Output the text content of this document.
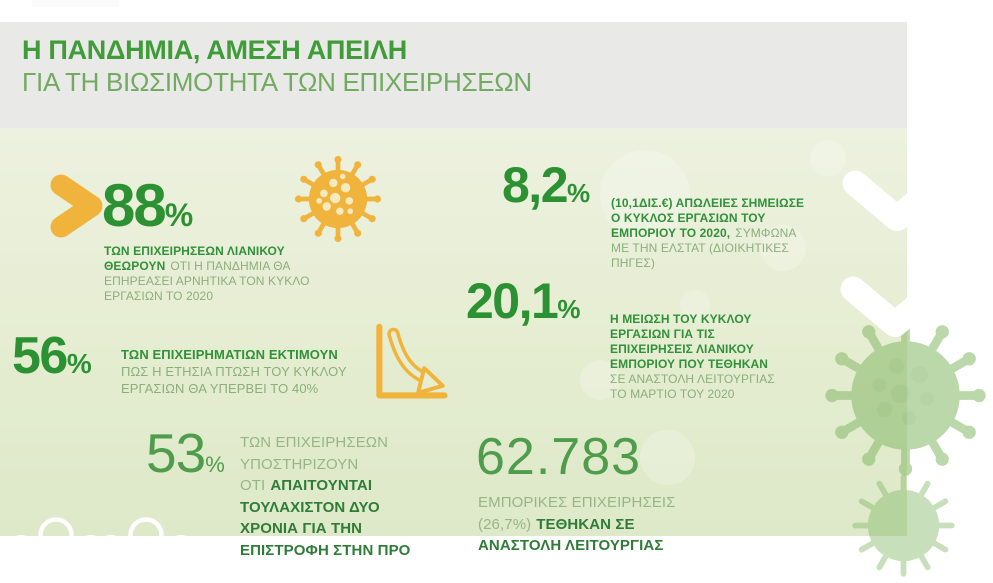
Η ΠΑΝΔΗΜΙΑ, ΑΜΕΣΗ ΑΠΕΙΛΗ
ΓΙΑ ΤΗ ΒΙΩΣΙΜΟΤΗΤΑ ΤΩΝ ΕΠΙΧΕΙΡΗΣΕΩΝ
88%
ΤΩΝ ΕΠΙΧΕΙΡΗΣΕΩΝ ΛΙΑΝΙΚΟΥ
ΘΕΩΡΟΥΝ ΟΤΙ Η ΠΑΝΔΗΜΙΑ ΘΑ
ΕΠΗΡΕΑΣΕΙ ΑΡΝΗΤΙΚΑ ΤΟΝ ΚΥΚΛΟ
ΕΡΓΑΣΙΩΝ ΤΟ 2020
8,2% (10,1ΔΙΣ.€) ΑΠΩΛΕΙΕΣ ΣΗΜΕΙΩΣΕ
Ο ΚΥΚΛΟΣ ΕΡΓΑΣΙΩΝ ΤΟΥ
ΕΜΠΟΡΙΟΥ ΤΟ 2020, ΣΥΜΦΩΝΑ
ΜΕ ΤΗΝ ΕΛΣΤΑΤ (ΔΙΟΙΚΗΤΙΚΕΣ
ΠΗΓΕΣ)
20,1%	Η ΜΕΙΩΣΗ ΤΟΥ ΚΥΚΛΟΥ
ΕΡΓΑΣΙΩΝ ΓΙΑ ΤΙΣ
ΕΠΙΧΕΙΡΗΣΕΙΣ ΛΙΑΝΙΚΟΥ
ΕΜΠΟΡΙΟΥ ΠΟΥ ΤΕΘΗΚΑΝ
ΣΕ ΑΝΑΣΤΟΛΗ ΛΕΙΤΟΥΡΓΙΑΣ
ΤΟ ΜΑΡΤΙΟ ΤΟΥ 2020
56% ΤΩΝ ΕΠΙΧΕΙΡΗΜΑΤΙΩΝ ΕΚΤΙΜΟΥΝ
ΠΩΣ Η ΕΤΗΣΙΑ ΠΤΩΣΗ ΤΟΥ ΚΥΚΛΟΥ
ΕΡΓΑΣΙΩΝ ΘΑ ΥΠΕΡΒΕΙ ΤΟ 40%
53%
ΤΩΝ ΕΠΙΧΕΙΡΗΣΕΩΝ
ΥΠΟΣΤΗΡΙΖΟΥΝ
ΟΤΙ ΑΠΑΙΤΟΥΝΤΑΙ
ΤΟΥΛΑΧΙΣΤΟΝ ΔΥΟ
ΧΡΟΝΙΑ ΓΙΑ ΤΗΝ
ΕΠΙΣΤΡΟΦΗ ΣΤΗΝ ΠΡΟ
62.783
ΕΜΠΟΡΙΚΕΣ ΕΠΙΧΕΙΡΗΣΕΙΣ
(26,7%) ΤΕΘΗΚΑΝ ΣΕ
ΑΝΑΣΤΟΛΗ ΛΕΙΤΟΥΡΓΙΑΣ
